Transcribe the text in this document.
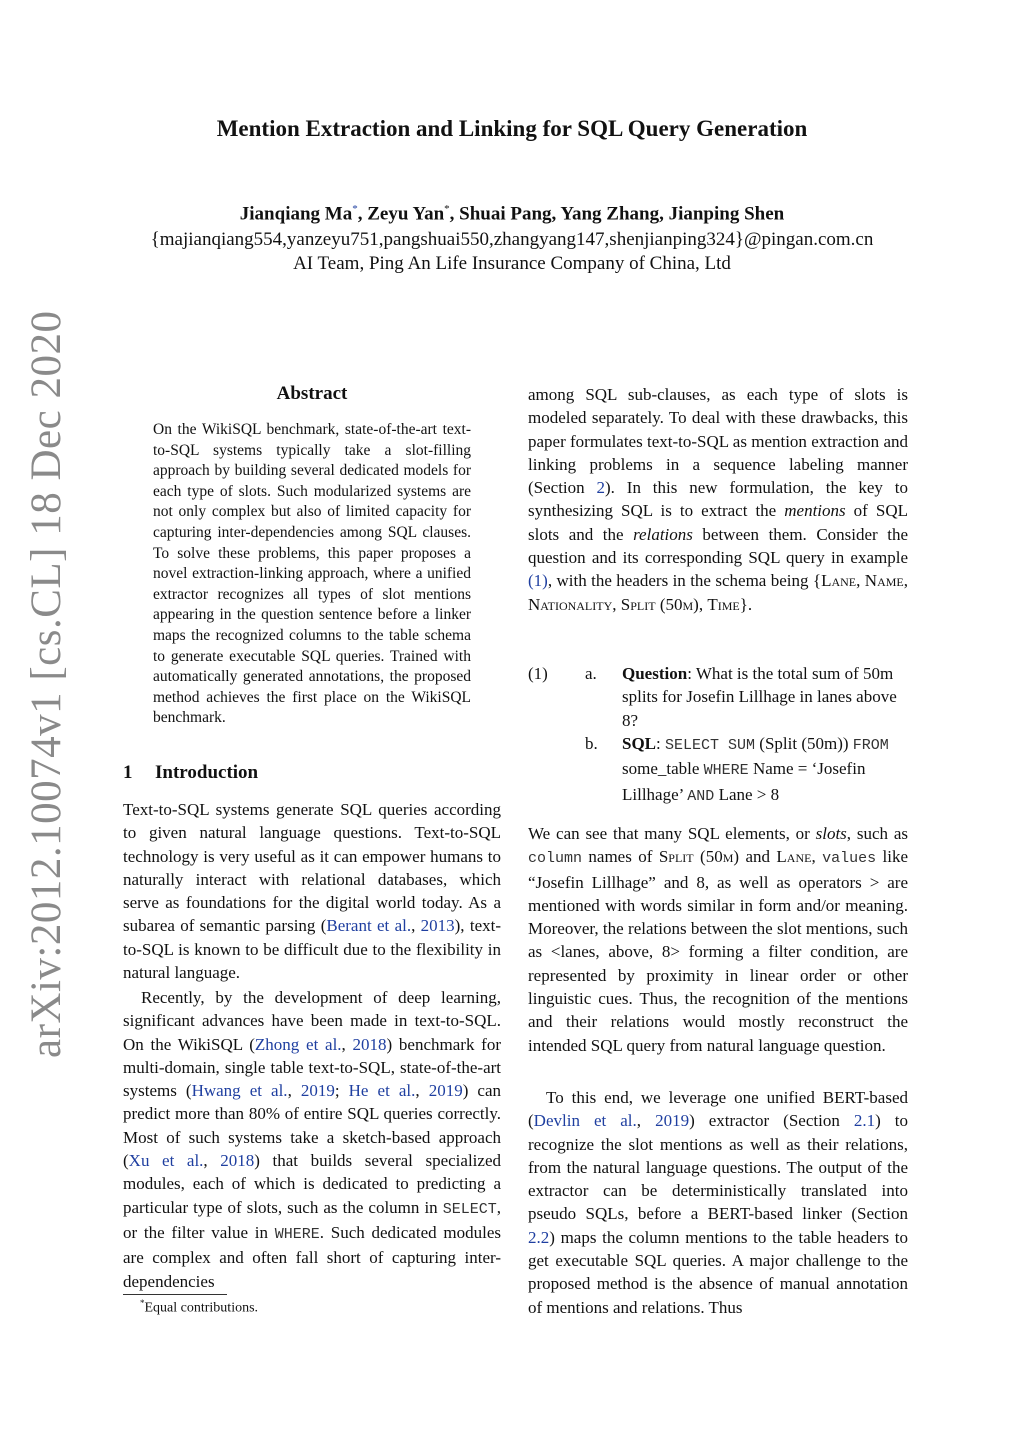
arXiv:2012.10074v1 [cs.CL] 18 Dec 2020
Mention Extraction and Linking for SQL Query Generation
Jianqiang Ma*, Zeyu Yan*, Shuai Pang, Yang Zhang, Jianping Shen
{majianqiang554,yanzeyu751,pangshuai550,zhangyang147,shenjianping324}@pingan.com.cn
AI Team, Ping An Life Insurance Company of China, Ltd
Abstract

On the WikiSQL benchmark, state-of-the-art text-to-SQL systems typically take a slot-filling approach by building several dedicated models for each type of slots. Such modularized systems are not only complex but also of limited capacity for capturing inter-dependencies among SQL clauses. To solve these problems, this paper proposes a novel extraction-linking approach, where a unified extractor recognizes all types of slot mentions appearing in the question sentence before a linker maps the recognized columns to the table schema to generate executable SQL queries. Trained with automatically generated annotations, the proposed method achieves the first place on the WikiSQL benchmark.

1 Introduction

Text-to-SQL systems generate SQL queries according to given natural language questions. Text-to-SQL technology is very useful as it can empower humans to naturally interact with relational databases, which serve as foundations for the digital world today. As a subarea of semantic parsing (Berant et al., 2013), text-to-SQL is known to be difficult due to the flexibility in natural language.

Recently, by the development of deep learning, significant advances have been made in text-to-SQL. On the WikiSQL (Zhong et al., 2018) benchmark for multi-domain, single table text-to-SQL, state-of-the-art systems (Hwang et al., 2019; He et al., 2019) can predict more than 80% of entire SQL queries correctly. Most of such systems take a sketch-based approach (Xu et al., 2018) that builds several specialized modules, each of which is dedicated to predicting a particular type of slots, such as the column in SELECT, or the filter value in WHERE. Such dedicated modules are complex and often fall short of capturing inter-dependencies

*Equal contributions.

among SQL sub-clauses, as each type of slots is modeled separately. To deal with these drawbacks, this paper formulates text-to-SQL as mention extraction and linking problems in a sequence labeling manner (Section 2). In this new formulation, the key to synthesizing SQL is to extract the mentions of SQL slots and the relations between them. Consider the question and its corresponding SQL query in example (1), with the headers in the schema being {Lane, Name, Nationality, Split (50m), Time}.

(1) a. Question: What is the total sum of 50m splits for Josefin Lillhage in lanes above 8?
b. SQL: SELECT SUM (Split (50m)) FROM some_table WHERE Name = ‘Josefin Lillhage’ AND Lane > 8

We can see that many SQL elements, or slots, such as column names of Split (50m) and Lane, values like “Josefin Lillhage” and 8, as well as operators > are mentioned with words similar in form and/or meaning. Moreover, the relations between the slot mentions, such as <lanes, above, 8> forming a filter condition, are represented by proximity in linear order or other linguistic cues. Thus, the recognition of the mentions and their relations would mostly reconstruct the intended SQL query from natural language question.

To this end, we leverage one unified BERT-based (Devlin et al., 2019) extractor (Section 2.1) to recognize the slot mentions as well as their relations, from the natural language questions. The output of the extractor can be deterministically translated into pseudo SQLs, before a BERT-based linker (Section 2.2) maps the column mentions to the table headers to get executable SQL queries. A major challenge to the proposed method is the absence of manual annotation of mentions and relations. Thus
